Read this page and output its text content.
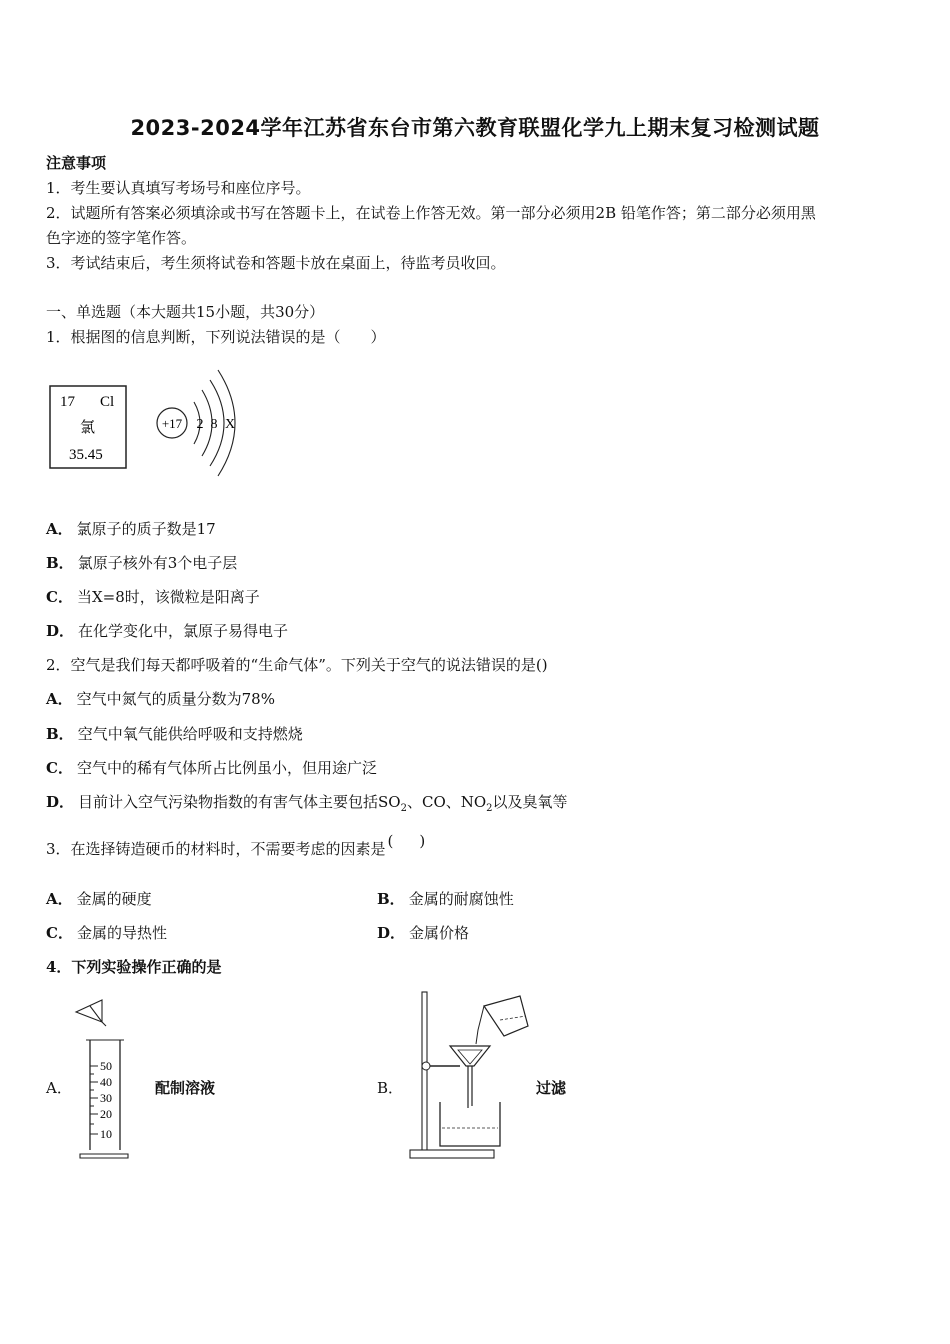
2023-2024学年江苏省东台市第六教育联盟化学九上期末复习检测试题
注意事项
1．考生要认真填写考场号和座位序号。
2．试题所有答案必须填涂或书写在答题卡上，在试卷上作答无效。第一部分必须用2B 铅笔作答；第二部分必须用黑
色字迹的签字笔作答。
3．考试结束后，考生须将试卷和答题卡放在桌面上，待监考员收回。
一、单选题（本大题共15小题，共30分）
1．根据图的信息判断，下列说法错误的是（　　）
17 Cl
氯
35.45
+17 2 8 X
A． 氯原子的质子数是17
B． 氯原子核外有3个电子层
C． 当X=8时，该微粒是阳离子
D． 在化学变化中，氯原子易得电子
2．空气是我们每天都呼吸着的“生命气体”。下列关于空气的说法错误的是()
A． 空气中氮气的质量分数为78%
B． 空气中氧气能供给呼吸和支持燃烧
C． 空气中的稀有气体所占比例虽小，但用途广泛
D． 目前计入空气污染物指数的有害气体主要包括$SO_2$、CO、$NO_2$以及臭氧等
3．在选择铸造硬币的材料时，不需要考虑的因素是 ( )
A． 金属的硬度	B． 金属的耐腐蚀性
C． 金属的导热性	D． 金属价格
4．下列实验操作正确的是
A．
50
40
30
20
10
配制溶液	B．	过滤
